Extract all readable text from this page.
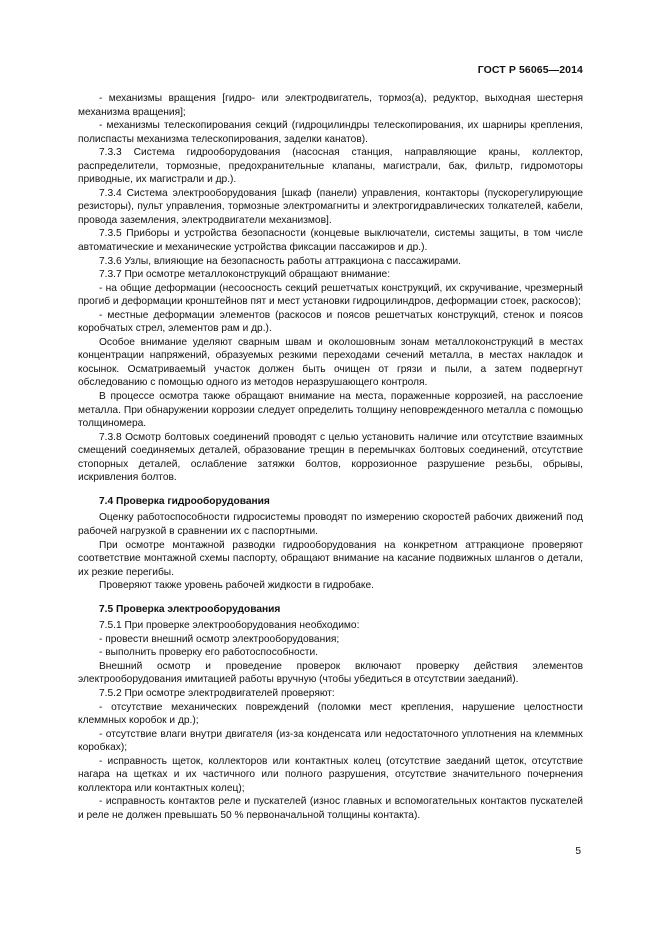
ГОСТ Р 56065—2014

- механизмы вращения [гидро- или электродвигатель, тормоз(а), редуктор, выходная шестерня механизма вращения];

- механизмы телескопирования секций (гидроцилиндры телескопирования, их шарниры крепления, полиспасты механизма телескопирования, заделки канатов).

7.3.3 Система гидрооборудования (насосная станция, направляющие краны, коллектор, распределители, тормозные, предохранительные клапаны, магистрали, бак, фильтр, гидромоторы приводные, их магистрали и др.).

7.3.4 Система электрооборудования [шкаф (панели) управления, контакторы (пускорегулирующие резисторы), пульт управления, тормозные электромагниты и электрогидравлических толкателей, кабели, провода заземления, электродвигатели механизмов].

7.3.5 Приборы и устройства безопасности (концевые выключатели, системы защиты, в том числе автоматические и механические устройства фиксации пассажиров и др.).

7.3.6 Узлы, влияющие на безопасность работы аттракциона с пассажирами.

7.3.7 При осмотре металлоконструкций обращают внимание:

- на общие деформации (несоосность секций решетчатых конструкций, их скручивание, чрезмерный прогиб и деформации кронштейнов пят и мест установки гидроцилиндров, деформации стоек, раскосов);

- местные деформации элементов (раскосов и поясов решетчатых конструкций, стенок и поясов коробчатых стрел, элементов рам и др.).

Особое внимание уделяют сварным швам и околошовным зонам металлоконструкций в местах концентрации напряжений, образуемых резкими переходами сечений металла, в местах накладок и косынок. Осматриваемый участок должен быть очищен от грязи и пыли, а затем подвергнут обследованию с помощью одного из методов неразрушающего контроля.

В процессе осмотра также обращают внимание на места, пораженные коррозией, на расслоение металла. При обнаружении коррозии следует определить толщину неповрежденного металла с помощью толщиномера.

7.3.8 Осмотр болтовых соединений проводят с целью установить наличие или отсутствие взаимных смещений соединяемых деталей, образование трещин в перемычках болтовых соединений, отсутствие стопорных деталей, ослабление затяжки болтов, коррозионное разрушение резьбы, обрывы, искривления болтов.

7.4 Проверка гидрооборудования

Оценку работоспособности гидросистемы проводят по измерению скоростей рабочих движений под рабочей нагрузкой в сравнении их с паспортными.

При осмотре монтажной разводки гидрооборудования на конкретном аттракционе проверяют соответствие монтажной схемы паспорту, обращают внимание на касание подвижных шлангов о детали, их резкие перегибы.

Проверяют также уровень рабочей жидкости в гидробаке.

7.5 Проверка электрооборудования

7.5.1 При проверке электрооборудования необходимо:

- провести внешний осмотр электрооборудования;

- выполнить проверку его работоспособности.

Внешний осмотр и проведение проверок включают проверку действия элементов электрооборудования имитацией работы вручную (чтобы убедиться в отсутствии заеданий).

7.5.2 При осмотре электродвигателей проверяют:

- отсутствие механических повреждений (поломки мест крепления, нарушение целостности клеммных коробок и др.);

- отсутствие влаги внутри двигателя (из-за конденсата или недостаточного уплотнения на клеммных коробках);

- исправность щеток, коллекторов или контактных колец (отсутствие заеданий щеток, отсутствие нагара на щетках и их частичного или полного разрушения, отсутствие значительного почернения коллектора или контактных колец);

- исправность контактов реле и пускателей (износ главных и вспомогательных контактов пускателей и реле не должен превышать 50 % первоначальной толщины контакта).

5
